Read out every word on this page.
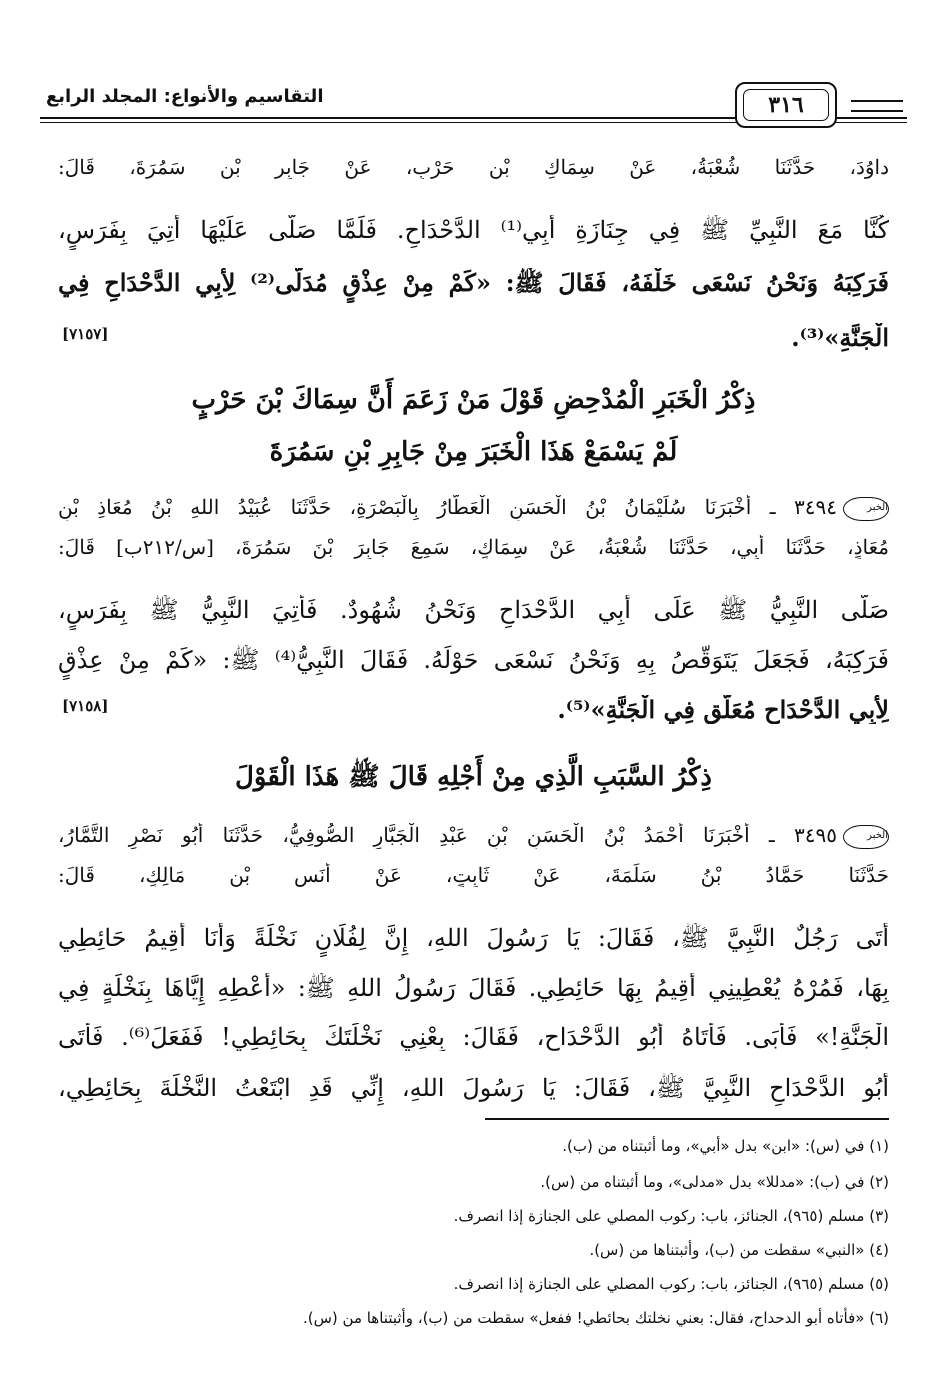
التقاسيم والأنواع: المجلد الرابع	٣١٦
داوُدَ، حَدَّثَنَا شُعْبَةُ، عَنْ سِمَاكِ بْنِ حَرْبٍ، عَنْ جَابِرِ بْنِ سَمُرَةَ، قَالَ:
كُنَّا مَعَ النَّبِيِّ ﷺ فِي جِنَازَةِ أَبِي⁽¹⁾ الدَّحْدَاحِ. فَلَمَّا صَلَّى عَلَيْهَا أُتِيَ بِفَرَسٍ،
فَرَكِبَهُ وَنَحْنُ نَسْعَى خَلْفَهُ، فَقَالَ ﷺ: «كَمْ مِنْ عِذْقٍ مُدَلًّى⁽²⁾ لِأَبِي الدَّحْدَاحِ فِي
الْجَنَّةِ»⁽³⁾.
[٧١٥٧]
ذِكْرُ الْخَبَرِ الْمُدْحِضِ قَوْلَ مَنْ زَعَمَ أَنَّ سِمَاكَ بْنَ حَرْبٍ
لَمْ يَسْمَعْ هَذَا الْخَبَرَ مِنْ جَابِرِ بْنِ سَمُرَةَ
الخبر٣٤٩٤ ـ أَخْبَرَنَا سُلَيْمَانُ بْنُ الْحَسَنِ الْعَطَّارُ بِالْبَصْرَةِ، حَدَّثَنَا عُبَيْدُ اللهِ بْنُ مُعَاذِ بْنِ
مُعَاذٍ، حَدَّثَنَا أَبِي، حَدَّثَنَا شُعْبَةُ، عَنْ سِمَاكٍ، سَمِعَ جَابِرَ بْنَ سَمُرَةَ، [س/٢١٢ب] قَالَ:
صَلَّى النَّبِيُّ ﷺ عَلَى أَبِي الدَّحْدَاحِ وَنَحْنُ شُهُودٌ. فَأُتِيَ النَّبِيُّ ﷺ بِفَرَسٍ،
فَرَكِبَهُ، فَجَعَلَ يَتَوَقَّصُ بِهِ وَنَحْنُ نَسْعَى حَوْلَهُ. فَقَالَ النَّبِيُّ⁽⁴⁾ ﷺ: «كَمْ مِنْ عِذْقٍ
لِأَبِي الدَّحْدَاحِ مُعَلَّقٍ فِي الْجَنَّةِ»⁽⁵⁾.
[٧١٥٨]
ذِكْرُ السَّبَبِ الَّذِي مِنْ أَجْلِهِ قَالَ ﷺ هَذَا الْقَوْلَ
الخبر٣٤٩٥ ـ أَخْبَرَنَا أَحْمَدُ بْنُ الْحَسَنِ بْنِ عَبْدِ الْجَبَّارِ الصُّوفِيُّ، حَدَّثَنَا أَبُو نَصْرٍ التَّمَّارُ،
حَدَّثَنَا حَمَّادُ بْنُ سَلَمَةَ، عَنْ ثَابِتٍ، عَنْ أَنَسِ بْنِ مَالِكٍ، قَالَ:
أَتَى رَجُلٌ النَّبِيَّ ﷺ، فَقَالَ: يَا رَسُولَ اللهِ، إِنَّ لِفُلَانٍ نَخْلَةً وَأَنَا أُقِيمُ حَائِطِي
بِهَا، فَمُرْهُ يُعْطِينِي أُقِيمُ بِهَا حَائِطِي. فَقَالَ رَسُولُ اللهِ ﷺ: «أَعْطِهِ إِيَّاهَا بِنَخْلَةٍ فِي
الْجَنَّةِ!» فَأَبَى. فَأَتَاهُ أَبُو الدَّحْدَاحِ، فَقَالَ: بِعْنِي نَخْلَتَكَ بِحَائِطِي! فَفَعَلَ⁽⁶⁾. فَأَتَى
أَبُو الدَّحْدَاحِ النَّبِيَّ ﷺ، فَقَالَ: يَا رَسُولَ اللهِ، إِنِّي قَدِ ابْتَعْتُ النَّخْلَةَ بِحَائِطِي،
(١) في (س): «ابن» بدل «أبي»، وما أثبتناه من (ب).
(٢) في (ب): «مدللا» بدل «مدلى»، وما أثبتناه من (س).
(٣) مسلم (٩٦٥)، الجنائز، باب: ركوب المصلي على الجنازة إذا انصرف.
(٤) «النبي» سقطت من (ب)، وأثبتناها من (س).
(٥) مسلم (٩٦٥)، الجنائز، باب: ركوب المصلي على الجنازة إذا انصرف.
(٦) «فأتاه أبو الدحداح، فقال: بعني نخلتك بحائطي! ففعل» سقطت من (ب)، وأثبتناها من (س).
